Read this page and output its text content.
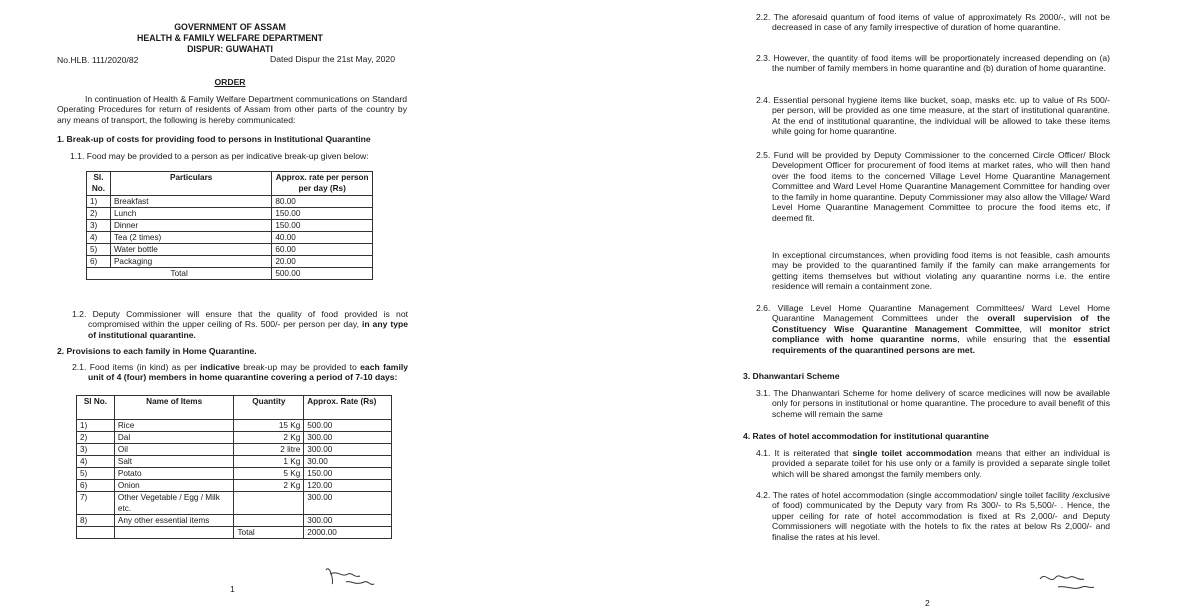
GOVERNMENT OF ASSAM
HEALTH & FAMILY WELFARE DEPARTMENT
DISPUR: GUWAHATI
No.HLB. 111/2020/82	Dated Dispur the 21st May, 2020
ORDER
In continuation of Health & Family Welfare Department communications on Standard Operating Procedures for return of residents of Assam from other parts of the country by any means of transport, the following is hereby communicated:
1. Break-up of costs for providing food to persons in Institutional Quarantine
1.1. Food may be provided to a person as per indicative break-up given below:
Sl. No.	Particulars	Approx. rate per person per day (Rs)
1)	Breakfast	80.00
2)	Lunch	150.00
3)	Dinner	150.00
4)	Tea (2 times)	40.00
5)	Water bottle	60.00
6)	Packaging	20.00
Total		500.00
1.2. Deputy Commissioner will ensure that the quality of food provided is not compromised within the upper ceiling of Rs. 500/- per person per day, in any type of institutional quarantine.
2. Provisions to each family in Home Quarantine.
2.1. Food items (in kind) as per indicative break-up may be provided to each family unit of 4 (four) members in home quarantine covering a period of 7-10 days:
Sl No.	Name of Items	Quantity	Approx. Rate (Rs)
1)	Rice	15 Kg	500.00
2)	Dal	2 Kg	300.00
3)	Oil	2 litre	300.00
4)	Salt	1 Kg	30.00
5)	Potato	5 Kg	150.00
6)	Onion	2 Kg	120.00
7)	Other Vegetable / Egg / Milk etc.		300.00
8)	Any other essential items		300.00
		Total	2000.00
1
2.2. The aforesaid quantum of food items of value of approximately Rs 2000/-, will not be decreased in case of any family irrespective of duration of home quarantine.
2.3. However, the quantity of food items will be proportionately increased depending on (a) the number of family members in home quarantine and (b) duration of home quarantine.
2.4. Essential personal hygiene items like bucket, soap, masks etc. up to value of Rs 500/- per person, will be provided as one time measure, at the start of institutional quarantine. At the end of institutional quarantine, the individual will be allowed to take these items while going for home quarantine.
2.5. Fund will be provided by Deputy Commissioner to the concerned Circle Officer/ Block Development Officer for procurement of food items at market rates, who will then hand over the food items to the concerned Village Level Home Quarantine Management Committee and Ward Level Home Quarantine Management Committee for handing over to the family in home quarantine. Deputy Commissioner may also allow the Village/ Ward Level Home Quarantine Management Committee to procure the food items etc, if deemed fit.
In exceptional circumstances, when providing food items is not feasible, cash amounts may be provided to the quarantined family if the family can make arrangements for getting items themselves but without violating any quarantine norms i.e. the entire residence will remain a containment zone.
2.6. Village Level Home Quarantine Management Committees/ Ward Level Home Quarantine Management Committees under the overall supervision of the Constituency Wise Quarantine Management Committee, will monitor strict compliance with home quarantine norms, while ensuring that the essential requirements of the quarantined persons are met.
3. Dhanwantari Scheme
3.1. The Dhanwantari Scheme for home delivery of scarce medicines will now be available only for persons in institutional or home quarantine. The procedure to avail benefit of this scheme will remain the same
4. Rates of hotel accommodation for institutional quarantine
4.1. It is reiterated that single toilet accommodation means that either an individual is provided a separate toilet for his use only or a family is provided a separate single toilet which will be shared amongst the family members only.
4.2. The rates of hotel accommodation (single accommodation/ single toilet facility /exclusive of food) communicated by the Deputy vary from Rs 300/- to Rs 5,500/- . Hence, the upper ceiling for rate of hotel accommodation is fixed at Rs 2,000/- and Deputy Commissioners will negotiate with the hotels to fix the rates at below Rs 2,000/- and finalise the rates at his level.
2
